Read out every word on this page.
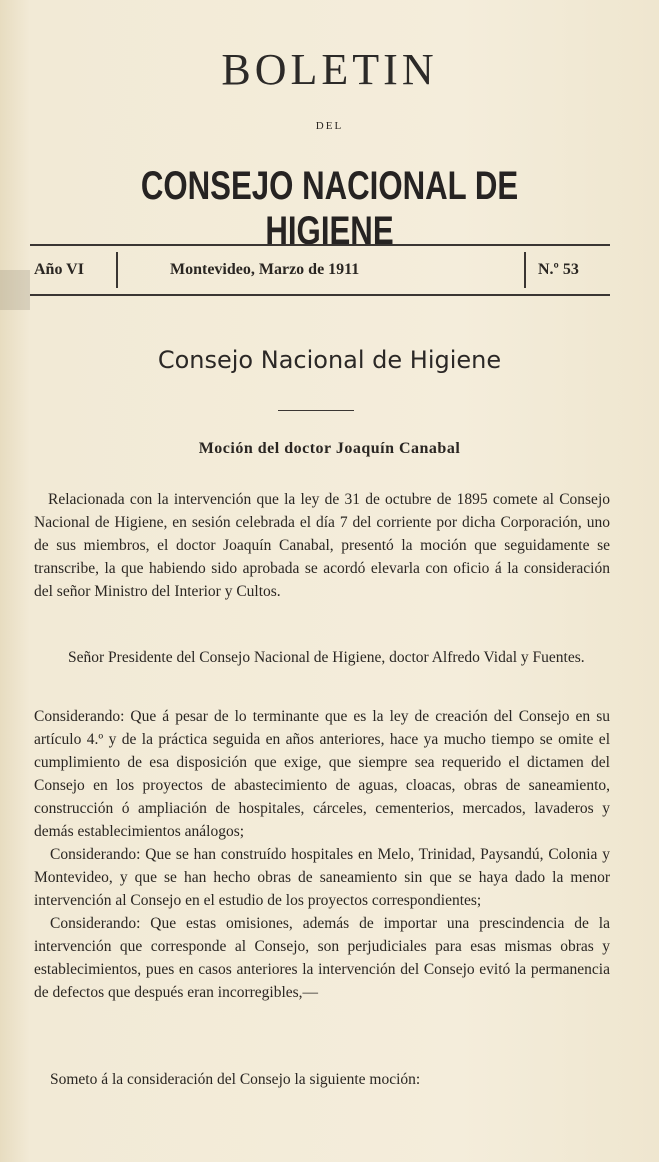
BOLETIN
DEL
CONSEJO NACIONAL DE HIGIENE
Año VI	Montevideo, Marzo de 1911	N.º 53
Consejo Nacional de Higiene
Moción del doctor Joaquín Canabal

Relacionada con la intervención que la ley de 31 de octubre de 1895 comete al Consejo Nacional de Higiene, en sesión celebrada el día 7 del corriente por dicha Corporación, uno de sus miembros, el doctor Joaquín Canabal, presentó la moción que seguidamente se transcribe, la que habiendo sido aprobada se acordó elevarla con oficio á la consideración del señor Ministro del Interior y Cultos.

Señor Presidente del Consejo Nacional de Higiene, doctor Alfredo Vidal y Fuentes.

Considerando: Que á pesar de lo terminante que es la ley de creación del Consejo en su artículo 4.º y de la práctica seguida en años anteriores, hace ya mucho tiempo se omite el cumplimiento de esa disposición que exige, que siempre sea requerido el dictamen del Consejo en los proyectos de abastecimiento de aguas, cloacas, obras de saneamiento, construcción ó ampliación de hospitales, cárceles, cementerios, mercados, lavaderos y demás establecimientos análogos;

Considerando: Que se han construído hospitales en Melo, Trinidad, Paysandú, Colonia y Montevideo, y que se han hecho obras de saneamiento sin que se haya dado la menor intervención al Consejo en el estudio de los proyectos correspondientes;

Considerando: Que estas omisiones, además de importar una prescindencia de la intervención que corresponde al Consejo, son perjudiciales para esas mismas obras y establecimientos, pues en casos anteriores la intervención del Consejo evitó la permanencia de defectos que después eran incorregibles,—

Someto á la consideración del Consejo la siguiente moción:
